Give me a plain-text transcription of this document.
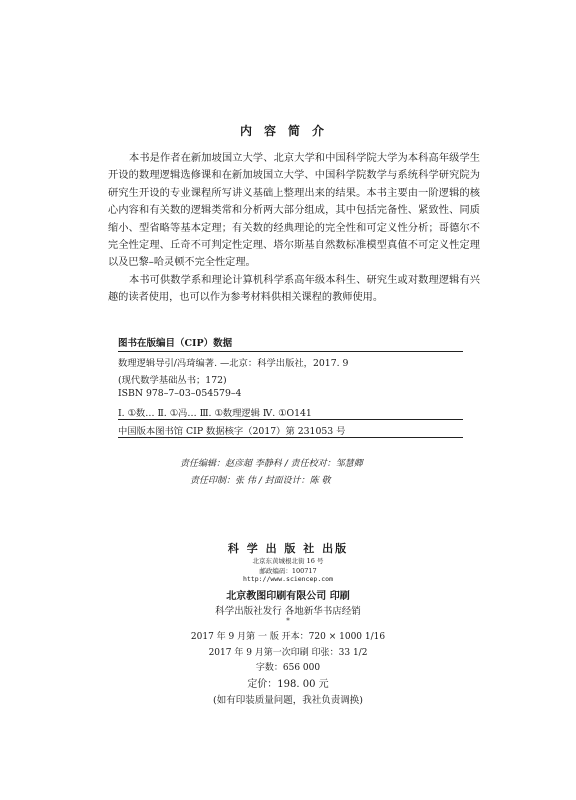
内容简介

本书是作者在新加坡国立大学、北京大学和中国科学院大学为本科高年级学生开设的数理逻辑选修课和在新加坡国立大学、中国科学院数学与系统科学研究院为研究生开设的专业课程所写讲义基础上整理出来的结果。本书主要由一阶逻辑的核心内容和有关数的逻辑类常和分析两大部分组成，其中包括完备性、紧致性、同质缩小、型省略等基本定理；有关数的经典理论的完全性和可定义性分析；哥德尔不完全性定理、丘奇不可判定性定理、塔尔斯基自然数标准模型真值不可定义性定理以及巴黎–哈灵顿不完全性定理。

本书可供数学系和理论计算机科学系高年级本科生、研究生或对数理逻辑有兴趣的读者使用，也可以作为参考材料供相关课程的教师使用。

图书在版编目（CIP）数据
数理逻辑导引/冯琦编著. —北京：科学出版社，2017. 9
(现代数学基础丛书；172)
ISBN 978–7–03–054579–4
Ⅰ. ①数… Ⅱ. ①冯… Ⅲ. ①数理逻辑 Ⅳ. ①O141
中国版本图书馆 CIP 数据核字（2017）第 231053 号
责任编辑：赵彦超 李静科 / 责任校对：邹慧卿
责任印制：张 伟 / 封面设计：陈 敬
科 学 出 版 社 出版
北京东黄城根北街 16 号
邮政编码：100717
http://www.sciencep.com
北京教图印刷有限公司 印刷
科学出版社发行 各地新华书店经销
*
2017 年 9 月第 一 版 开本：720 × 1000 1/16
2017 年 9 月第一次印刷 印张：33 1/2
字数：656 000
定价：198. 00 元
(如有印装质量问题，我社负责调换)
